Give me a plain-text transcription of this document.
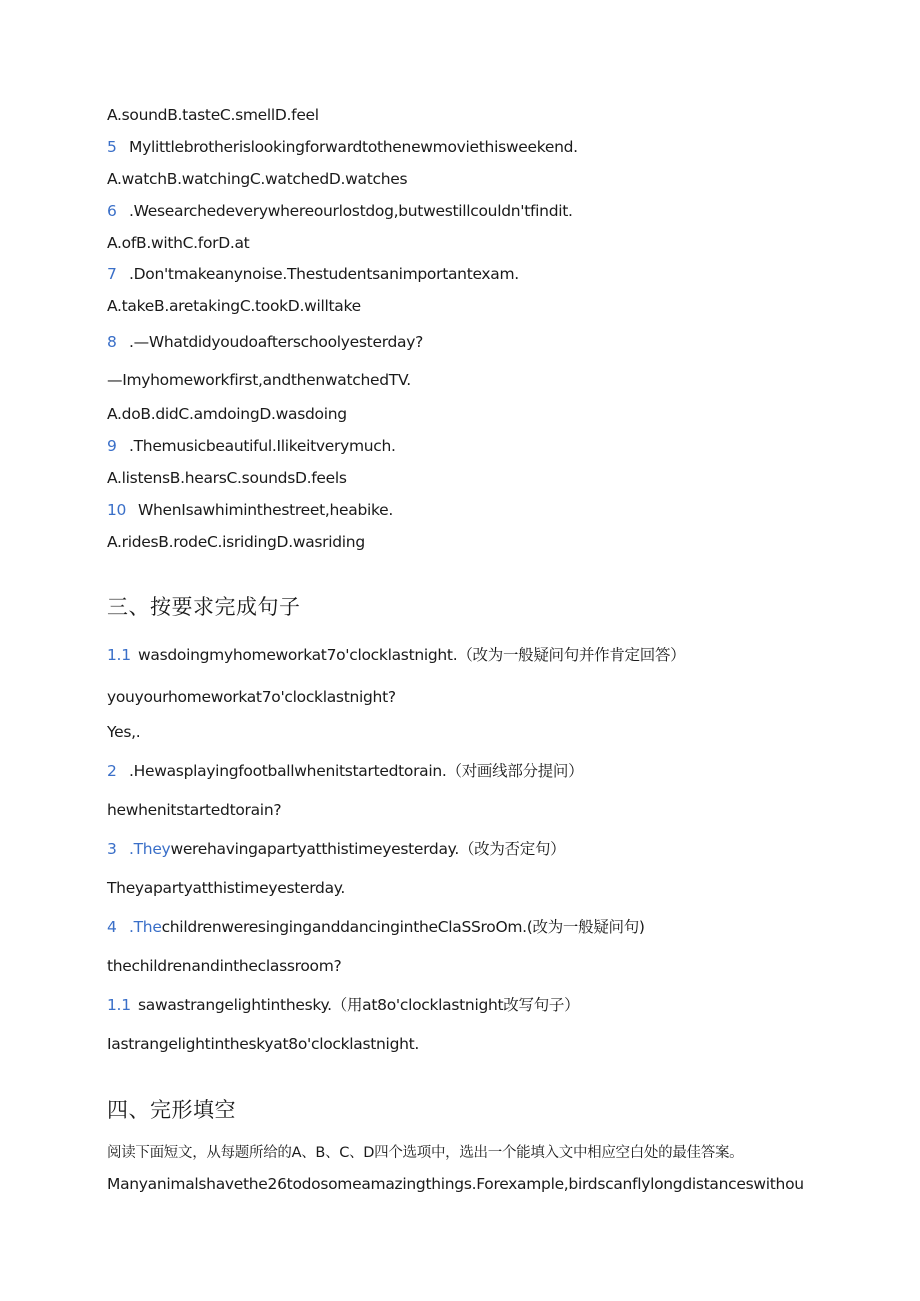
A.soundB.tasteC.smellD.feel
5 Mylittlebrotherislookingforwardtothenewmoviethisweekend.
A.watchB.watchingC.watchedD.watches
6 .Wesearchedeverywhereourlostdog,butwestillcouldn'tfindit.
A.ofB.withC.forD.at
7 .Don'tmakeanynoise.Thestudentsanimportantexam.
A.takeB.aretakingC.tookD.willtake
8 .—Whatdidyoudoafterschoolyesterday?
—Imyhomeworkfirst,andthenwatchedTV.
A.doB.didC.amdoingD.wasdoing
9 .Themusicbeautiful.Ilikeitverymuch.
A.listensB.hearsC.soundsD.feels
10 WhenIsawhiminthestreet,heabike.
A.ridesB.rodeC.isridingD.wasriding
三、按要求完成句子
1.1 wasdoingmyhomeworkat7o'clocklastnight.（改为一般疑问句并作肯定回答）
youyourhomeworkat7o'clocklastnight?
Yes,.
2 .Hewasplayingfootballwhenitstartedtorain.（对画线部分提问）
hewhenitstartedtorain?
3 .Theywereh​avingapartyatthistimeyesterday.（改为否定句）
Theyapartyatthistimeyesterday.
4 .Thechildrenweresingingand​dancingintheClaSSroOm.(改为一般疑问句)
thechildrenandintheclassroom?
1.1 sawastrangelightinthesky.（用at8o'clocklastnight改写句子）
Iastrangelightintheskyat8o'clocklastnight.
四、完形填空
阅读下面短文，从每题所给的A、B、C、D四个选项中，选出一个能填入文中相应空白处的最佳答案。
Manyanimalshavethe26todosomeamazingthings.Forexample,birdscanflylongdistanceswithou
